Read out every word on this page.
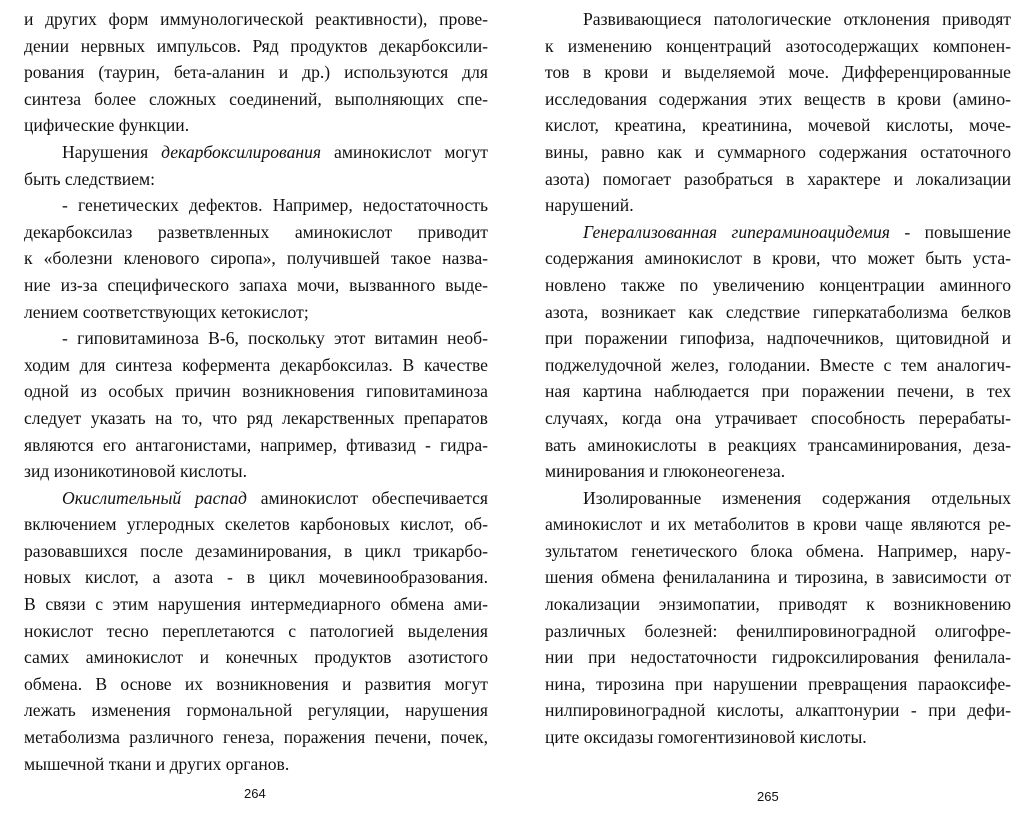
и других форм иммунологической реактивности), прове-
дении нервных импульсов. Ряд продуктов декарбоксили-
рования (таурин, бета-аланин и др.) используются для
синтеза более сложных соединений, выполняющих спе-
цифические функции.
Нарушения декарбоксилирования аминокислот могут
быть следствием:
- генетических дефектов. Например, недостаточность
декарбоксилаз разветвленных аминокислот приводит
к «болезни кленового сиропа», получившей такое назва-
ние из-за специфического запаха мочи, вызванного выде-
лением соответствующих кетокислот;
- гиповитаминоза В-6, поскольку этот витамин необ-
ходим для синтеза кофермента декарбоксилаз. В качестве
одной из особых причин возникновения гиповитаминоза
следует указать на то, что ряд лекарственных препаратов
являются его антагонистами, например, фтивазид - гидра-
зид изоникотиновой кислоты.
Окислительный распад аминокислот обеспечивается
включением углеродных скелетов карбоновых кислот, об-
разовавшихся после дезаминирования, в цикл трикарбо-
новых кислот, а азота - в цикл мочевинообразования.
В связи с этим нарушения интермедиарного обмена ами-
нокислот тесно переплетаются с патологией выделения
самих аминокислот и конечных продуктов азотистого
обмена. В основе их возникновения и развития могут
лежать изменения гормональной регуляции, нарушения
метаболизма различного генеза, поражения печени, почек,
мышечной ткани и других органов.
264
Развивающиеся патологические отклонения приводят
к изменению концентраций азотосодержащих компонен-
тов в крови и выделяемой моче. Дифференцированные
исследования содержания этих веществ в крови (амино-
кислот, креатина, креатинина, мочевой кислоты, моче-
вины, равно как и суммарного содержания остаточного
азота) помогает разобраться в характере и локализации
нарушений.
Генерализованная гипераминоацидемия - повышение
содержания аминокислот в крови, что может быть уста-
новлено также по увеличению концентрации аминного
азота, возникает как следствие гиперкатаболизма белков
при поражении гипофиза, надпочечников, щитовидной и
поджелудочной желез, голодании. Вместе с тем аналогич-
ная картина наблюдается при поражении печени, в тех
случаях, когда она утрачивает способность перерабаты-
вать аминокислоты в реакциях трансаминирования, деза-
минирования и глюконеогенеза.
Изолированные изменения содержания отдельных
аминокислот и их метаболитов в крови чаще являются ре-
зультатом генетического блока обмена. Например, нару-
шения обмена фенилаланина и тирозина, в зависимости от
локализации энзимопатии, приводят к возникновению
различных болезней: фенилпировиноградной олигофре-
нии при недостаточности гидроксилирования фенилала-
нина, тирозина при нарушении превращения параоксифе-
нилпировиноградной кислоты, алкаптонурии - при дефи-
ците оксидазы гомогентизиновой кислоты.
265
